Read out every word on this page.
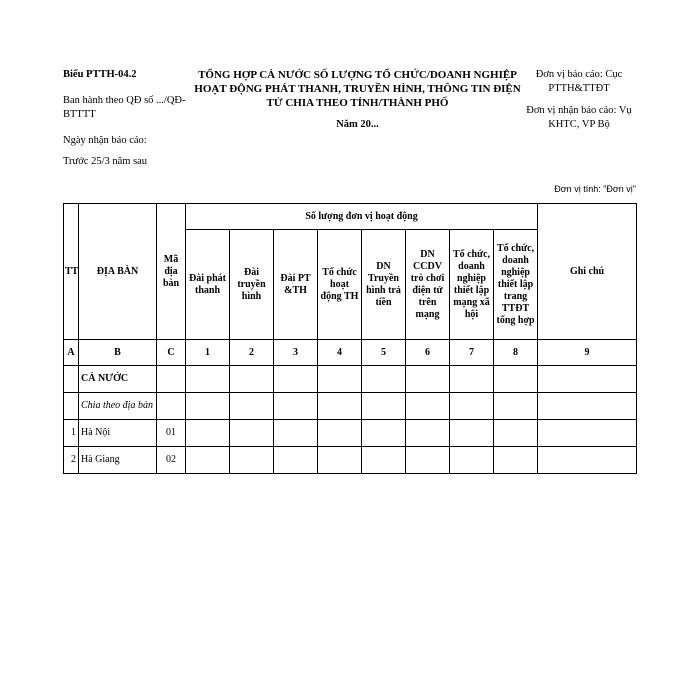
Biểu PTTH-04.2
Ban hành theo QĐ số .../QĐ-BTTTT
Ngày nhận báo cáo:
Trước 25/3 năm sau
TỔNG HỢP CẢ NƯỚC SỐ LƯỢNG TỔ CHỨC/DOANH NGHIỆP
HOẠT ĐỘNG PHÁT THANH, TRUYỀN HÌNH, THÔNG TIN ĐIỆN
TỬ CHIA THEO TỈNH/THÀNH PHỐ
Năm 20...
Đơn vị báo cáo: Cục PTTH&TTĐT
Đơn vị nhận báo cáo: Vụ KHTC, VP Bộ
Đơn vị tính: "Đơn vị"
TT	ĐỊA BÀN	Mã địa bàn	Số lượng đơn vị hoạt động								Ghi chú
			Đài phát thanh	Đài truyền hình	Đài PT &TH	Tổ chức hoạt động TH	DN Truyền hình trả tiền	DN CCDV trò chơi điện tử trên mạng	Tổ chức, doanh nghiệp thiết lập mạng xã hội	Tổ chức, doanh nghiệp thiết lập trang TTĐT tổng hợp	
A	B	C	1	2	3	4	5	6	7	8	9
	CẢ NƯỚC										
	Chia theo địa bàn										
1	Hà Nội	01									
2	Hà Giang	02									
